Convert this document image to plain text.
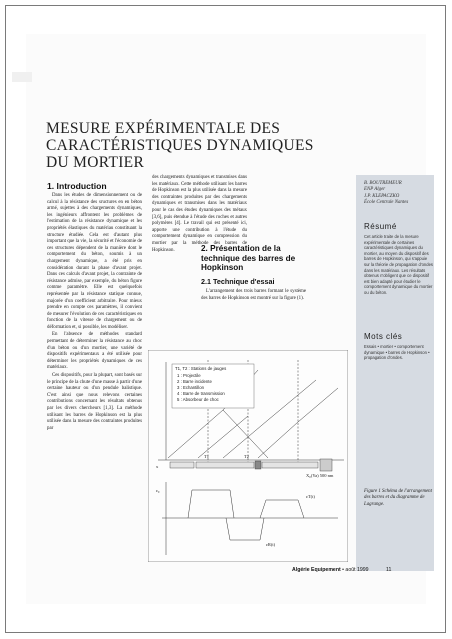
MESURE EXPÉRIMENTALE DES
CARACTÉRISTIQUES DYNAMIQUES
DU MORTIER
1. Introduction

Dans les études de dimensionnement ou de calcul à la résistance des sructures en en béton armé, sujettes à des chargements dynamiques, les ingénieurs affrontent les problèmes de l'estimation de la résistance dynamique et les propriétés élastiques du matériau constituant la structure étudiée. Cela est d'autant plus important que la vie, la sécurité et l'économie de ces structures dépendent de la manière dont le comportement du béton, soumis à un chargement dynamique, a été pris en considération durant la phase d'avant projet. Dans ces calculs d'avant projet, la contrainte de résistance admise, par exemple, du béton figure comme paramètre. Elle est quelquefois représentée par la résistance statique connue, majorée d'un coefficient arbitraire. Pour mieux prendre en compte ces paramètres, il convient de mesurer l'évolution de ces caractéristiques en fonction de la vitesse de chargement ou de déformation et, si possible, les modéliser.

En l'absence de méthodes standard permettant de déterminer la résistance au choc d'un béton ou d'un mortier, une variété de dispositifs expérimentaux a été utilisée pour déterminer les propriétés dynamiques de ces matériaux.

Ces dispositifs, pour la plupart, sont basés sur le principe de la chute d'une masse à partir d'une certaine hauteur ou d'un pendule balistique. C'est ainsi que nous relevons certaines contributions concernant les résultats obtenus par les divers chercheurs [1,3]. La méthode utilisant les barres de Hopkinson est la plus utilisée dans la mesure des contraintes produites par

des chargements dynamiques et transmises dans les matériaux. Cette méthode utilisant les barres de Hopkinson est la plus utilisée dans la mesure des contraintes produites par des chargements dynamiques et transmises dans les matériaux pour le cas des études dynamiques des métaux [3,6], puis étendue à l'étude des roches et autres polymères [4]. Le travail qui est présenté ici, apporte une contribution à l'étude du comportement dynamique en compression du mortier par la méthode des barres de Hopkinson.	2. Présentation de la technique des barres de Hopkinson
2.1 Technique d'essai

L'arrangement des trois barres formant le système des barres de Hopkinson est montré sur la figure (1).

B. BOUTREMEUR
ENP Alger
J.P. KLEPACZKO
École Centrale Nantes
Résumé
Cet article traite de la mesure expérimentale de certaines caractéristiques dynamiques du mortier, au moyen du dispositif des barres de Hopkinson, qui s'appuie sur la théorie de propagation d'ondes dans les matériaux. Les résultats obtenus n'obligent que ce dispositif est bien adapté pour étudier le comportement dynamique du mortier ou du béton.
Mots clés
Essais • mortier • comportement dynamique • barres de Hopkinson • propagation d'ondes.
Figure 1 Schéma de l'arrangement des barres et du diagramme de Lagrange.
T1, T2 : Stations de jauges
1 : Projectile
2 : Barre incidente
3 : Echantillon
4 : Barre de transmission
5 : Absorbeur de choc
x
T1	T2
X₀(Ya) 500 nm
ε₀
εT(t)
εR(t)
Algérie Equipement • août 1999	11
